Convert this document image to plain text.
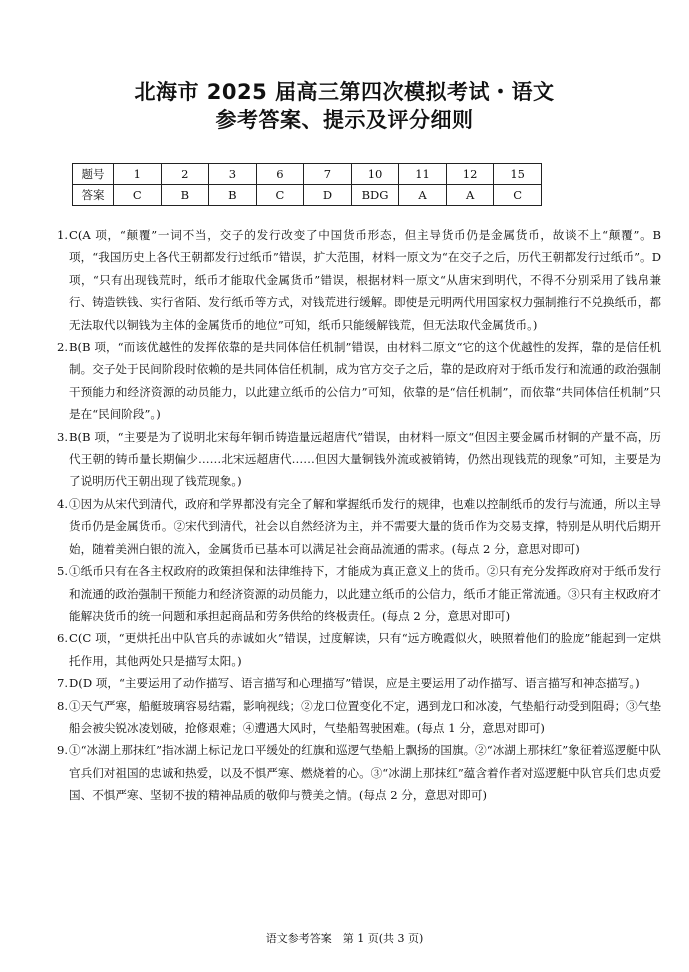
北海市 2025 届高三第四次模拟考试・语文
参考答案、提示及评分细则
题号	1	2	3	6	7	10	11	12	15
答案	C	B	B	C	D	BDG	A	A	C
1. C(A 项，“颠覆”一词不当，交子的发行改变了中国货币形态，但主导货币仍是金属货币，故谈不上“颠覆”。B 项，“我国历史上各代王朝都发行过纸币”错误，扩大范围，材料一原文为“在交子之后，历代王朝都发行过纸币”。D 项，“只有出现钱荒时，纸币才能取代金属货币”错误，根据材料一原文“从唐宋到明代，不得不分别采用了钱帛兼行、铸造铁钱、实行省陌、发行纸币等方式，对钱荒进行缓解。即使是元明两代用国家权力强制推行不兑换纸币，都无法取代以铜钱为主体的金属货币的地位”可知，纸币只能缓解钱荒，但无法取代金属货币。)
2. B(B 项，“而该优越性的发挥依靠的是共同体信任机制”错误，由材料二原文“它的这个优越性的发挥，靠的是信任机制。交子处于民间阶段时依赖的是共同体信任机制，成为官方交子之后，靠的是政府对于纸币发行和流通的政治强制干预能力和经济资源的动员能力，以此建立纸币的公信力”可知，依靠的是“信任机制”，而依靠“共同体信任机制”只是在“民间阶段”。)
3. B(B 项，“主要是为了说明北宋每年铜币铸造量远超唐代”错误，由材料一原文“但因主要金属币材铜的产量不高，历代王朝的铸币量长期偏少……北宋远超唐代……但因大量铜钱外流或被销铸，仍然出现钱荒的现象”可知，主要是为了说明历代王朝出现了钱荒现象。)
4. ①因为从宋代到清代，政府和学界都没有完全了解和掌握纸币发行的规律，也难以控制纸币的发行与流通，所以主导货币仍是金属货币。②宋代到清代，社会以自然经济为主，并不需要大量的货币作为交易支撑，特别是从明代后期开始，随着美洲白银的流入，金属货币已基本可以满足社会商品流通的需求。(每点 2 分，意思对即可)
5. ①纸币只有在各主权政府的政策担保和法律维持下，才能成为真正意义上的货币。②只有充分发挥政府对于纸币发行和流通的政治强制干预能力和经济资源的动员能力，以此建立纸币的公信力，纸币才能正常流通。③只有主权政府才能解决货币的统一问题和承担起商品和劳务供给的终极责任。(每点 2 分，意思对即可)
6. C(C 项，“更烘托出中队官兵的赤诚如火”错误，过度解读，只有“远方晚霞似火，映照着他们的脸庞”能起到一定烘托作用，其他两处只是描写太阳。)
7. D(D 项，“主要运用了动作描写、语言描写和心理描写”错误，应是主要运用了动作描写、语言描写和神态描写。)
8. ①天气严寒，船艇玻璃容易结霜，影响视线；②龙口位置变化不定，遇到龙口和冰凌，气垫船行动受到阻碍；③气垫船会被尖锐冰凌划破，抢修艰难；④遭遇大风时，气垫船驾驶困难。(每点 1 分，意思对即可)
9. ①“冰湖上那抹红”指冰湖上标记龙口平缓处的红旗和巡逻气垫船上飘扬的国旗。②“冰湖上那抹红”象征着巡逻艇中队官兵们对祖国的忠诚和热爱，以及不惧严寒、燃烧着的心。③“冰湖上那抹红”蕴含着作者对巡逻艇中队官兵们忠贞爱国、不惧严寒、坚韧不拔的精神品质的敬仰与赞美之情。(每点 2 分，意思对即可)
语文参考答案　第 1 页(共 3 页)
